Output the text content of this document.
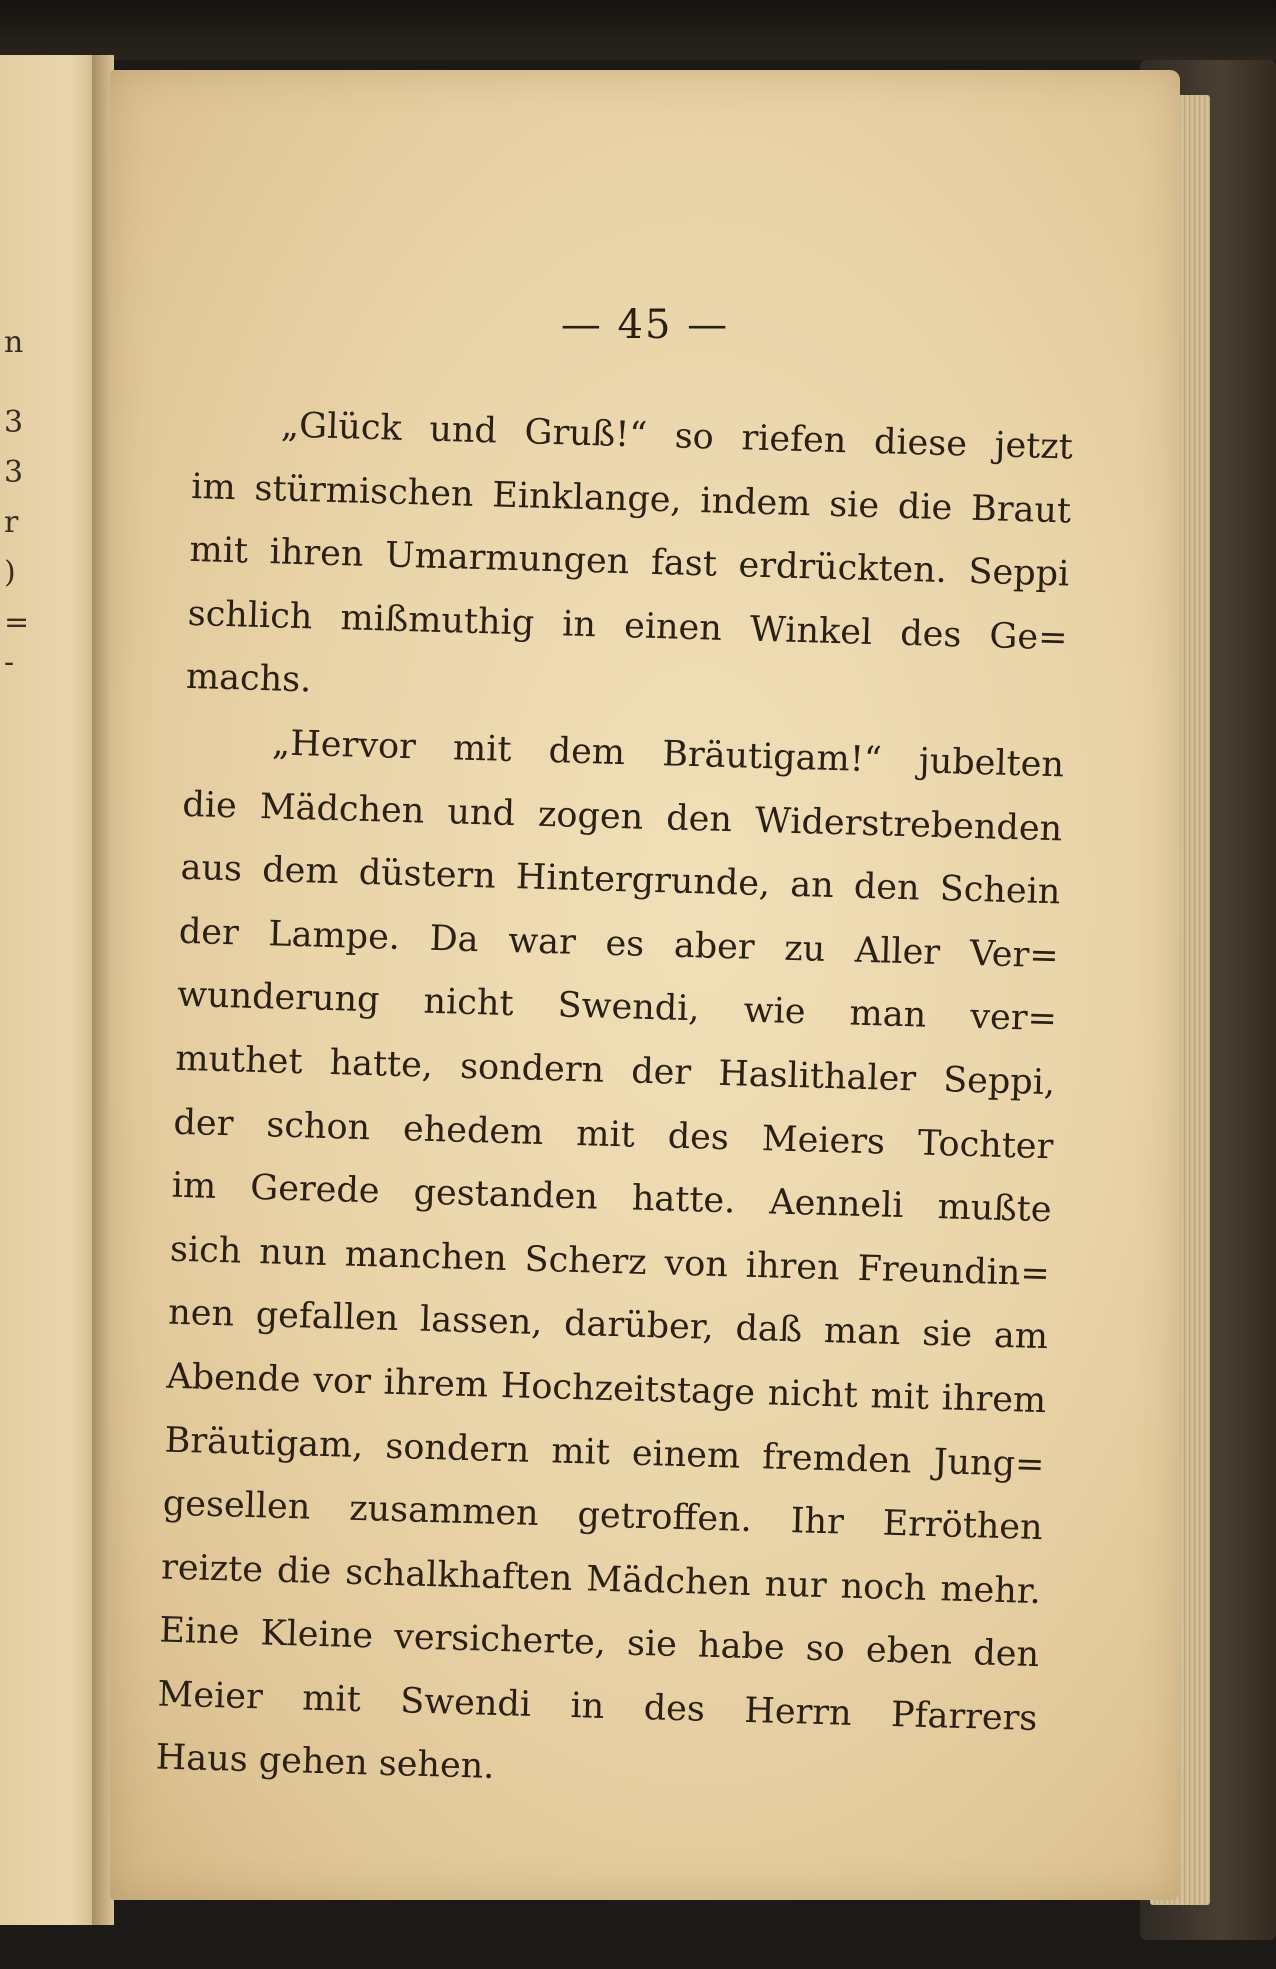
n
3
3
r
)
=
-
— 45 —
„Glück und Gruß!“ so riefen diese jetzt
im stürmischen Einklange, indem sie die Braut
mit ihren Umarmungen fast erdrückten. Seppi
schlich mißmuthig in einen Winkel des Ge=
machs.
„Hervor mit dem Bräutigam!“ jubelten
die Mädchen und zogen den Widerstrebenden
aus dem düstern Hintergrunde, an den Schein
der Lampe. Da war es aber zu Aller Ver=
wunderung nicht Swendi, wie man ver=
muthet hatte, sondern der Haslithaler Seppi,
der schon ehedem mit des Meiers Tochter
im Gerede gestanden hatte. Aenneli mußte
sich nun manchen Scherz von ihren Freundin=
nen gefallen lassen, darüber, daß man sie am
Abende vor ihrem Hochzeitstage nicht mit ihrem
Bräutigam, sondern mit einem fremden Jung=
gesellen zusammen getroffen. Ihr Erröthen
reizte die schalkhaften Mädchen nur noch mehr.
Eine Kleine versicherte, sie habe so eben den
Meier mit Swendi in des Herrn Pfarrers
Haus gehen sehen.
